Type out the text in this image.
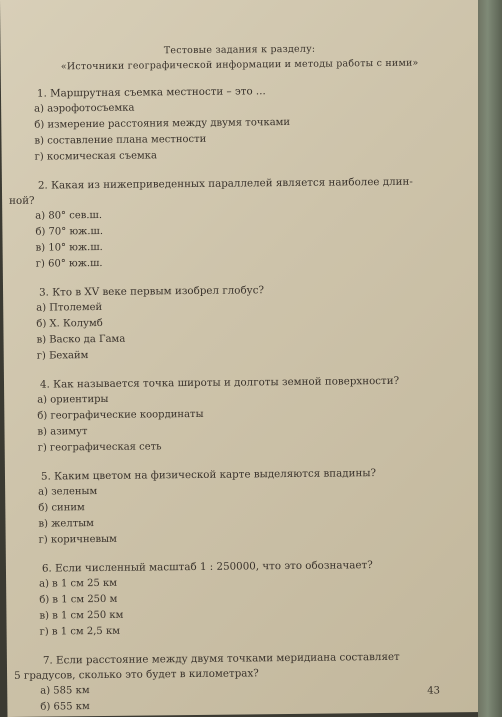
Тестовые задания к разделу:
«Источники географической информации и методы работы с ними»
1. Маршрутная съемка местности – это ...
а) аэрофотосъемка
б) измерение расстояния между двумя точками
в) составление плана местности
г) космическая съемка
2. Какая из нижеприведенных параллелей является наиболее длин-
ной?
а) 80° сев.ш.
б) 70° юж.ш.
в) 10° юж.ш.
г) 60° юж.ш.
3. Кто в XV веке первым изобрел глобус?
а) Птолемей
б) Х. Колумб
в) Васко да Гама
г) Бехайм
4. Как называется точка широты и долготы земной поверхности?
а) ориентиры
б) географические координаты
в) азимут
г) географическая сеть
5. Каким цветом на физической карте выделяются впадины?
а) зеленым
б) синим
в) желтым
г) коричневым
6. Если численный масштаб 1 : 250000, что это обозначает?
а) в 1 см 25 км
б) в 1 см 250 м
в) в 1 см 250 км
г) в 1 см 2,5 км
7. Если расстояние между двумя точками меридиана составляет
5 градусов, сколько это будет в километрах?
а) 585 км
б) 655 км
43
